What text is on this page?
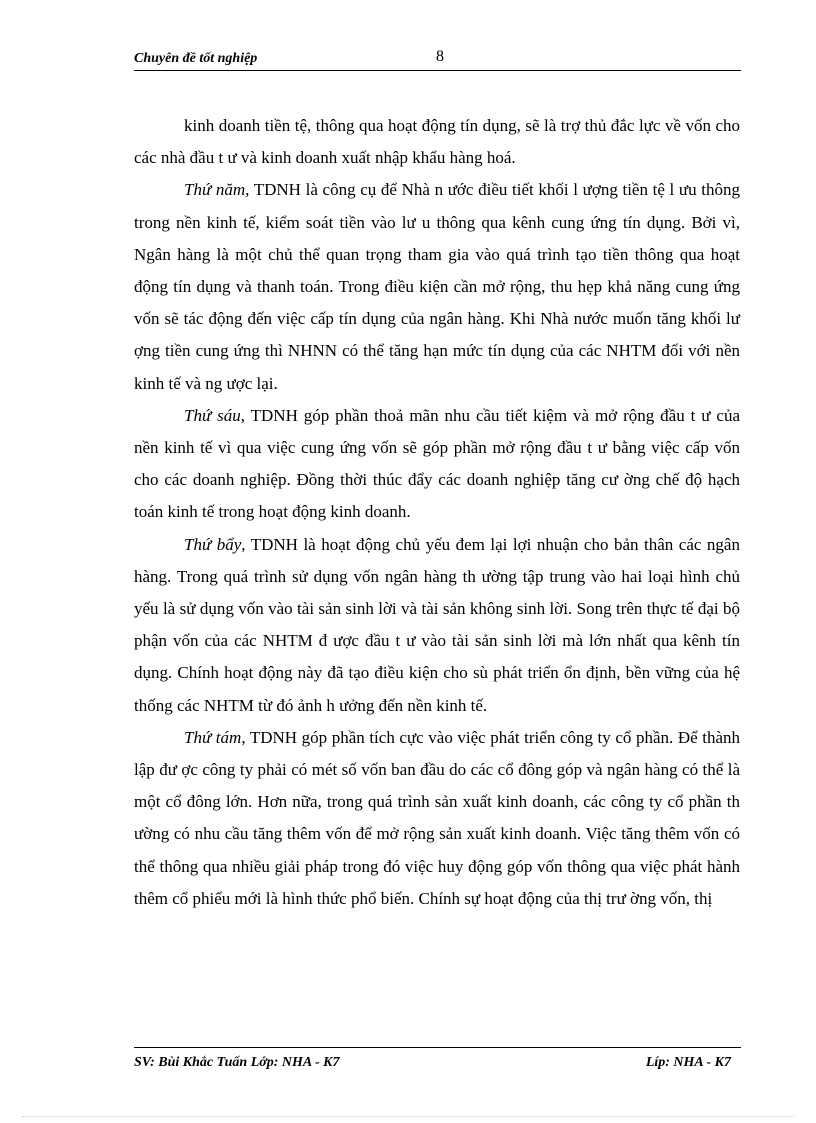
Chuyên đề tốt nghiệp	8

kinh doanh tiền tệ, thông qua hoạt động tín dụng, sẽ là trợ thủ đắc lực về vốn cho các nhà đầu t ư và kinh doanh xuất nhập khẩu hàng hoá.

Thứ năm, TDNH là công cụ để Nhà n ước điều tiết khối l ượng tiền tệ l ưu thông trong nền kinh tế, kiểm soát tiền vào lư u thông qua kênh cung ứng tín dụng. Bởi vì, Ngân hàng là một chủ thể quan trọng tham gia vào quá trình tạo tiền thông qua hoạt động tín dụng và thanh toán. Trong điều kiện cần mở rộng, thu hẹp khả năng cung ứng vốn sẽ tác động đến việc cấp tín dụng của ngân hàng. Khi Nhà nước muốn tăng khối lư ợng tiền cung ứng thì NHNN có thể tăng hạn mức tín dụng của các NHTM đối với nền kinh tế và ng ược lại.

Thứ sáu, TDNH góp phần thoả mãn nhu cầu tiết kiệm và mở rộng đầu t ư của nền kinh tế vì qua việc cung ứng vốn sẽ góp phần mở rộng đầu t ư bằng việc cấp vốn cho các doanh nghiệp. Đồng thời thúc đẩy các doanh nghiệp tăng cư ờng chế độ hạch toán kinh tế trong hoạt động kinh doanh.

Thứ bẩy, TDNH là hoạt động chủ yếu đem lại lợi nhuận cho bản thân các ngân hàng. Trong quá trình sử dụng vốn ngân hàng th ường tập trung vào hai loại hình chủ yếu là sử dụng vốn vào tài sản sinh lời và tài sản không sinh lời. Song trên thực tế đại bộ phận vốn của các NHTM đ ược đầu t ư vào tài sản sinh lời mà lớn nhất qua kênh tín dụng. Chính hoạt động này đã tạo điều kiện cho sù phát triển ổn định, bền vững của hệ thống các NHTM từ đó ảnh h ưởng đến nền kinh tế.

Thứ tám, TDNH góp phần tích cực vào việc phát triển công ty cổ phần. Để thành lập đư ợc công ty phải có mét số vốn ban đầu do các cổ đông góp và ngân hàng có thể là một cổ đông lớn. Hơn nữa, trong quá trình sản xuất kinh doanh, các công ty cổ phần th ường có nhu cầu tăng thêm vốn để mở rộng sản xuất kinh doanh. Việc tăng thêm vốn có thể thông qua nhiều giải pháp trong đó việc huy động góp vốn thông qua việc phát hành thêm cổ phiếu mới là hình thức phổ biến. Chính sự hoạt động của thị trư ờng vốn, thị

SV: Bùi Khắc Tuấn Lớp: NHA - K7	Líp: NHA - K7
